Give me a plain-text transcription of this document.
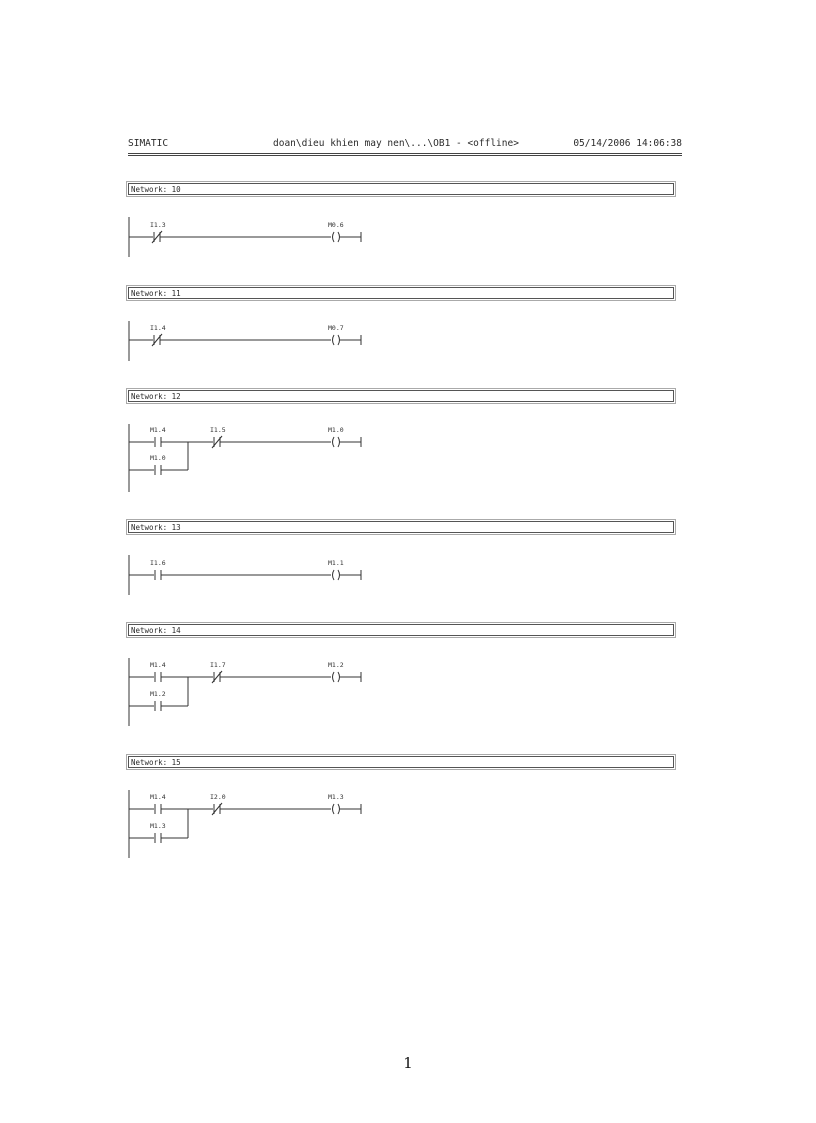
SIMATIC	doan\dieu khien may nen\...\OB1 - <offline>	05/14/2006 14:06:38
Network: 10
I1.3	M0.6
Network: 11
I1.4	M0.7
Network: 12
M1.4	I1.5	M1.0
M1.0
Network: 13
I1.6	M1.1
Network: 14
M1.4	I1.7	M1.2
M1.2
Network: 15
M1.4	I2.0	M1.3
M1.3
1
